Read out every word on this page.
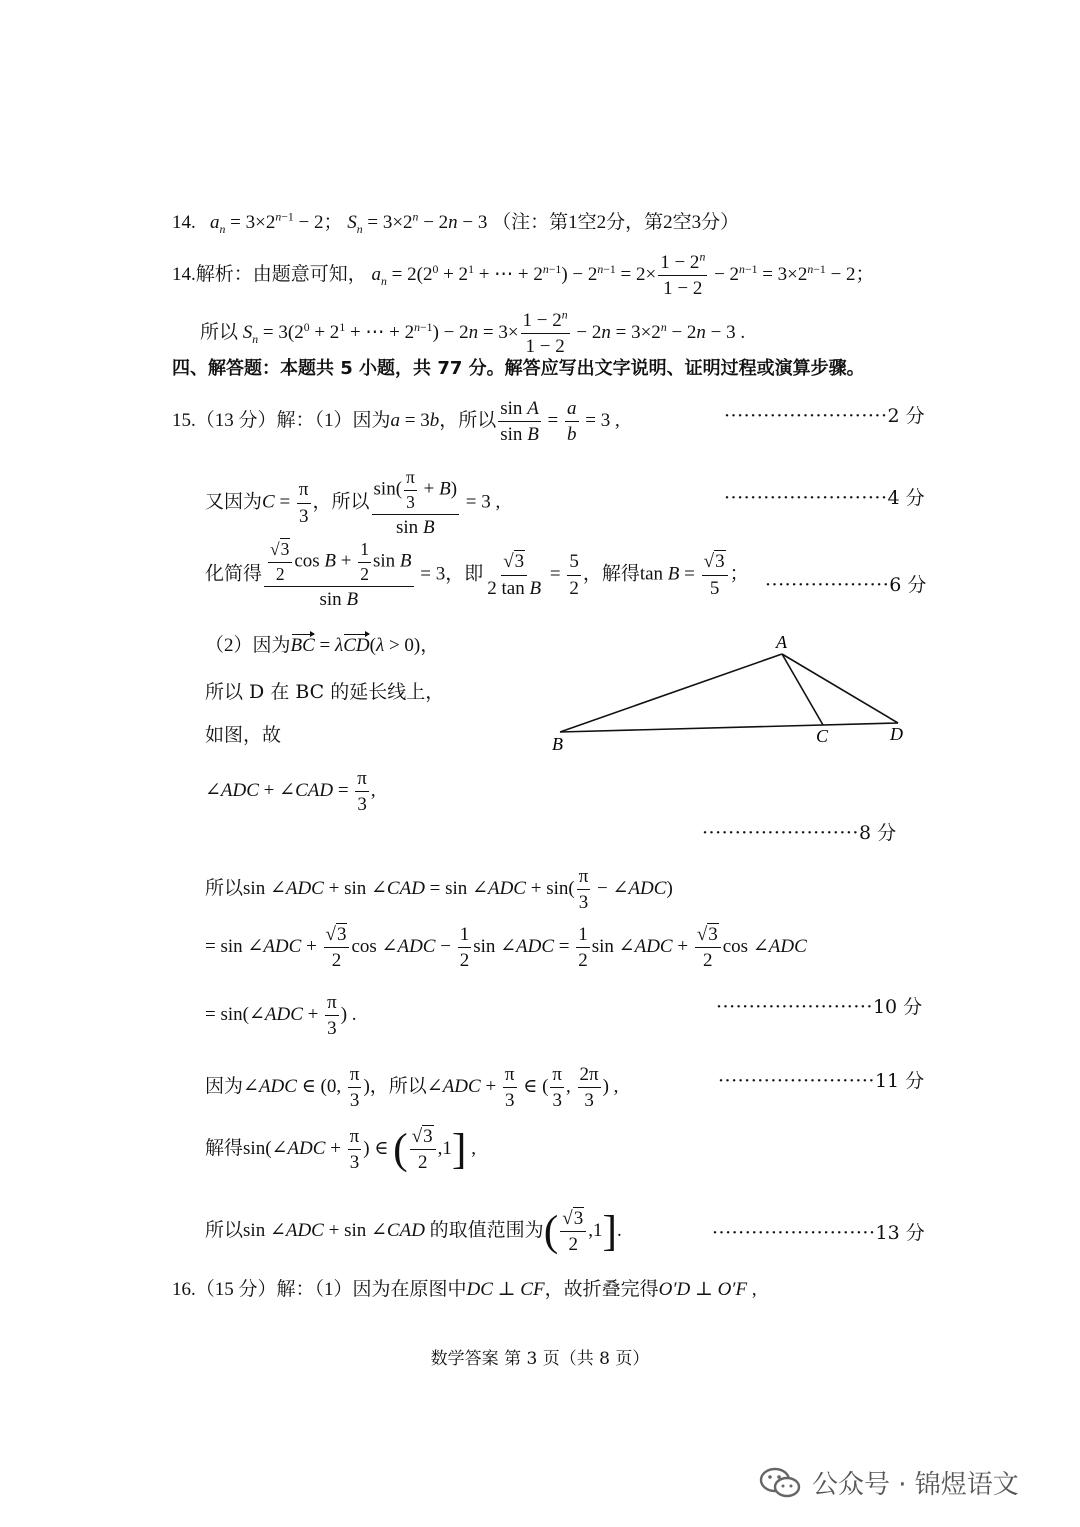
14. $a_n = 3\times 2^{n-1} - 2$； $S_n = 3\times 2^n - 2n - 3$ （注：第1空2分，第2空3分）
14.解析：由题意可知， $a_n = 2(2^0 + 2^1$ + ⋯ + $2^{n-1}) - 2^{n-1} = 2\times \frac{1 - 2^n}{1 - 2} - 2^{n-1} = 3\times 2^{n-1} - 2$；
所以 $S_n = 3(2^0 + 2^1$ + ⋯ + $2^{n-1}) - 2n = 3\times \frac{1 - 2^n}{1 - 2} - 2n = 3\times 2^n - 2n - 3$ .
四、解答题：本题共 5 小题，共 77 分。解答应写出文字说明、证明过程或演算步骤。
15.（13 分）解：（1）因为a = 3b，所以 $\frac{\text{sin A}}{\text{sin B}} = \frac{a}{b} = 3$ ,	·························2 分
又因为$C = \frac{\pi}{3}$ ，所以 $\frac{\sin( \frac{\pi}{3} + B)}{\text{sin B}} = 3$ ,	·························4 分
化简得 $\frac{\frac{√3}{2} \cos B + \frac{1}{2} \sin B}{\text{sin B}} = 3$，即 $\frac{√3}{\text{2 tan B}} = \frac{5}{2}$ ，解得$\tan B = \frac{√3}{5}$ ； ···················6 分
（2）因为BC = λCD(λ > 0)，
所以 D 在 BC 的延长线上，
如图，故
∠ADC + ∠CAD = $\frac{\pi}{3}$ ,
A
B	C	D
························8 分
所以sin ∠ADC + sin ∠CAD = sin ∠ADC + $\sin( \frac{\pi}{3}$ − ∠ADC)
= sin ∠ADC + $\frac{√3}{2}$ cos ∠ADC − $\frac{1}{2}$ sin ∠ADC = $\frac{1}{2}$ sin ∠ADC + $\frac{√3}{2}$ cos ∠ADC
= sin(∠ADC + $\frac{\pi}{3}$ ) .	························10 分
因为∠ADC ∈ (0, $\frac{\pi}{3}$ )，所以∠ADC + $\frac{\pi}{3}$ ∈ ( $\frac{\pi}{3}$ , $\frac{2\pi}{3}$ ) ,	························11 分
解得sin(∠ADC + $\frac{\pi}{3}$ ) ∈ ( $\frac{√3}{2} ,1$] ,
所以sin ∠ADC + sin ∠CAD 的取值范围为( $\frac{√3}{2} ,1$].	·························13 分
16.（15 分）解：（1）因为在原图中DC ⊥ CF，故折叠完得O′D ⊥ O′F ,
数学答案 第 3 页（共 8 页）
公众号 · 锦煜语文
